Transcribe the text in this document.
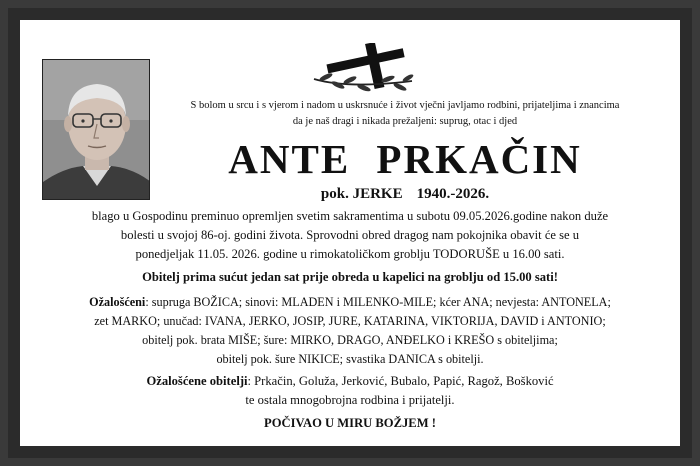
S bolom u srcu i s vjerom i nadom u uskrsnuće i život vječni javljamo rodbini, prijateljima i znancima
da je naš dragi i nikada prežaljeni: suprug, otac i djed
ANTE PRKAČIN
pok. JERKE 1940.-2026.
blago u Gospodinu preminuo opremljen svetim sakramentima u subotu 09.05.2026.godine nakon duže
bolesti u svojoj 86-oj. godini života. Sprovodni obred dragog nam pokojnika obavit će se u
ponedjeljak 11.05. 2026. godine u rimokatoličkom groblju TODORUŠE u 16.00 sati.
Obitelj prima sućut jedan sat prije obreda u kapelici na groblju od 15.00 sati!
Ožalošćeni: supruga BOŽICA; sinovi: MLADEN i MILENKO-MILE; kćer ANA; nevjesta: ANTONELA;
zet MARKO; unučad: IVANA, JERKO, JOSIP, JURE, KATARINA, VIKTORIJA, DAVID i ANTONIO;
obitelj pok. brata MIŠE; šure: MIRKO, DRAGO, ANĐELKO i KREŠO s obiteljima;
obitelj pok. šure NIKICE; svastika DANICA s obitelji.
Ožalošćene obitelji: Prkačin, Goluža, Jerković, Bubalo, Papić, Ragož, Bošković
te ostala mnogobrojna rodbina i prijatelji.
POČIVAO U MIRU BOŽJEM !
